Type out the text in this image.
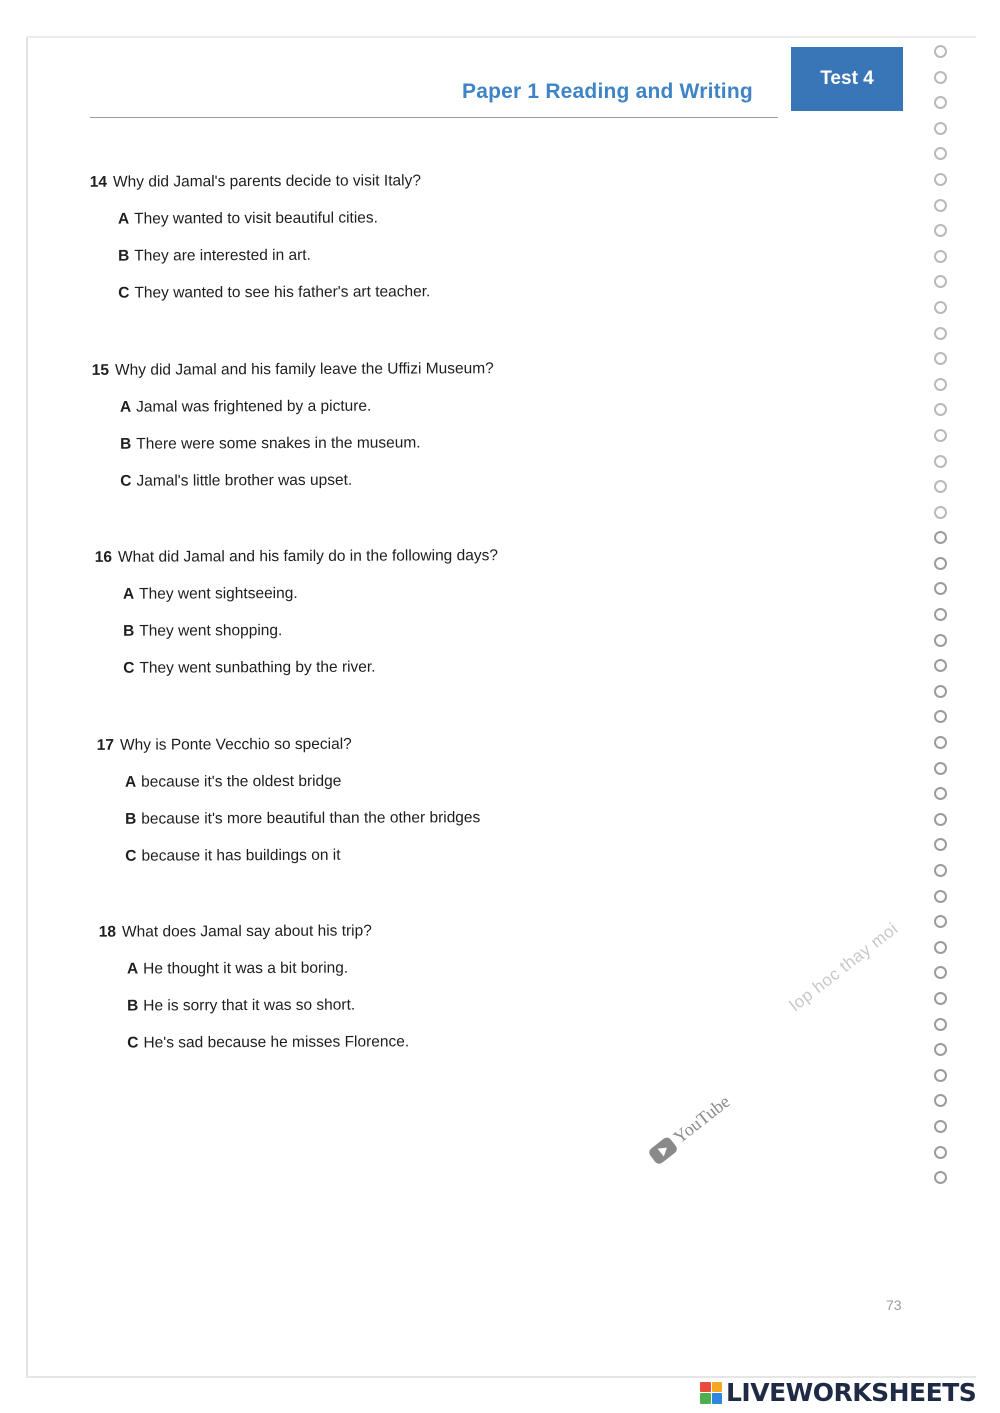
Paper 1 Reading and Writing
Test 4
14 Why did Jamal's parents decide to visit Italy?
A They wanted to visit beautiful cities.
B They are interested in art.
C They wanted to see his father's art teacher.
15 Why did Jamal and his family leave the Uffizi Museum?
A Jamal was frightened by a picture.
B There were some snakes in the museum.
C Jamal's little brother was upset.
16 What did Jamal and his family do in the following days?
A They went sightseeing.
B They went shopping.
C They went sunbathing by the river.
17 Why is Ponte Vecchio so special?
A because it's the oldest bridge
B because it's more beautiful than the other bridges
C because it has buildings on it
18 What does Jamal say about his trip?
A He thought it was a bit boring.
B He is sorry that it was so short.
C He's sad because he misses Florence.
lop hoc thay moi
YouTube
73
LIVEWORKSHEETS
